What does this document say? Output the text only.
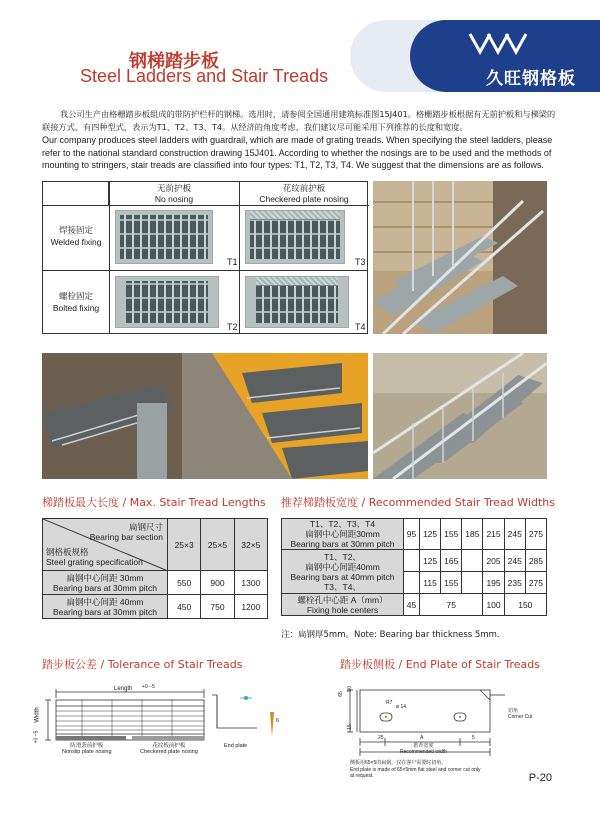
久旺钢格板
钢梯踏步板
Steel Ladders and Stair Treads

我公司生产由格栅踏步板组成的带防护栏杆的钢梯。选用时，请参阅全国通用建筑标准图15J401。格栅踏步板根据有无前护板和与梯梁的联接方式，有四种型式，表示为T1、T2、T3、T4。从经济的角度考虑，我们建议尽可能采用下列推荐的长度和宽度。

Our company produces steel ladders with guardrail, which are made of grating treads. When specifying the steel ladders, please refer to the national standard construction drawing 15J401. According to whether the nosings are to be used and the methods of mounting to stringers, stair treads are classified into four types: T1, T2, T3, T4. We suggest that the dimensions are as follows.

无前护板
No nosing
花纹前护板
Checkered plate nosing
焊接固定
Welded fixing
螺栓固定
Bolted fixing
T1	T3
T2	T4
梯踏板最大长度 / Max. Stair Tread Lengths 推荐梯踏板宽度 / Recommended Stair Tread Widths
扁钢尺寸
Bearing bar section
钢格板规格
Steel grating specification	25×3	25×5	32×5

扁钢中心间距 30mm
Bearing bars at 30mm pitch	550	900	1300

扁钢中心间距 40mm
Bearing bars at 30mm pitch	450	750	1200
T1、T2、T3、T4
扁钢中心间距30mm
Bearing bars at 30mm pitch	95	125	155	185	215	245	275

T1、T2、
扁钢中心间距40mm
Bearing bars at 40mm pitch
T3、T4、		125	165		205	245	285
		115	155		195	235	275

螺栓孔中心距 A（mm）
Fixing hole centers	45	75			100	150	
注：扁钢厚5mm。Note: Bearing bar thickness 5mm.
踏步板公差 / Tolerance of Stair Treads	踏步板侧板 / End Plate of Stair Treads
Length +0 −5
Width
+0 −5
防滑条前护板
Nonslip plate nosing
花纹板前护板
Checkered plate nosing
End plate
6
65
50
15
R7
ø 14
25	A	5
推荐宽度
Recommended width
切角
Corner Cut
侧板用65×5的扁钢，仅在客户需要时切角。
End plate is made of 65×5mm flat steel and corner cut only
at request.	P-20
